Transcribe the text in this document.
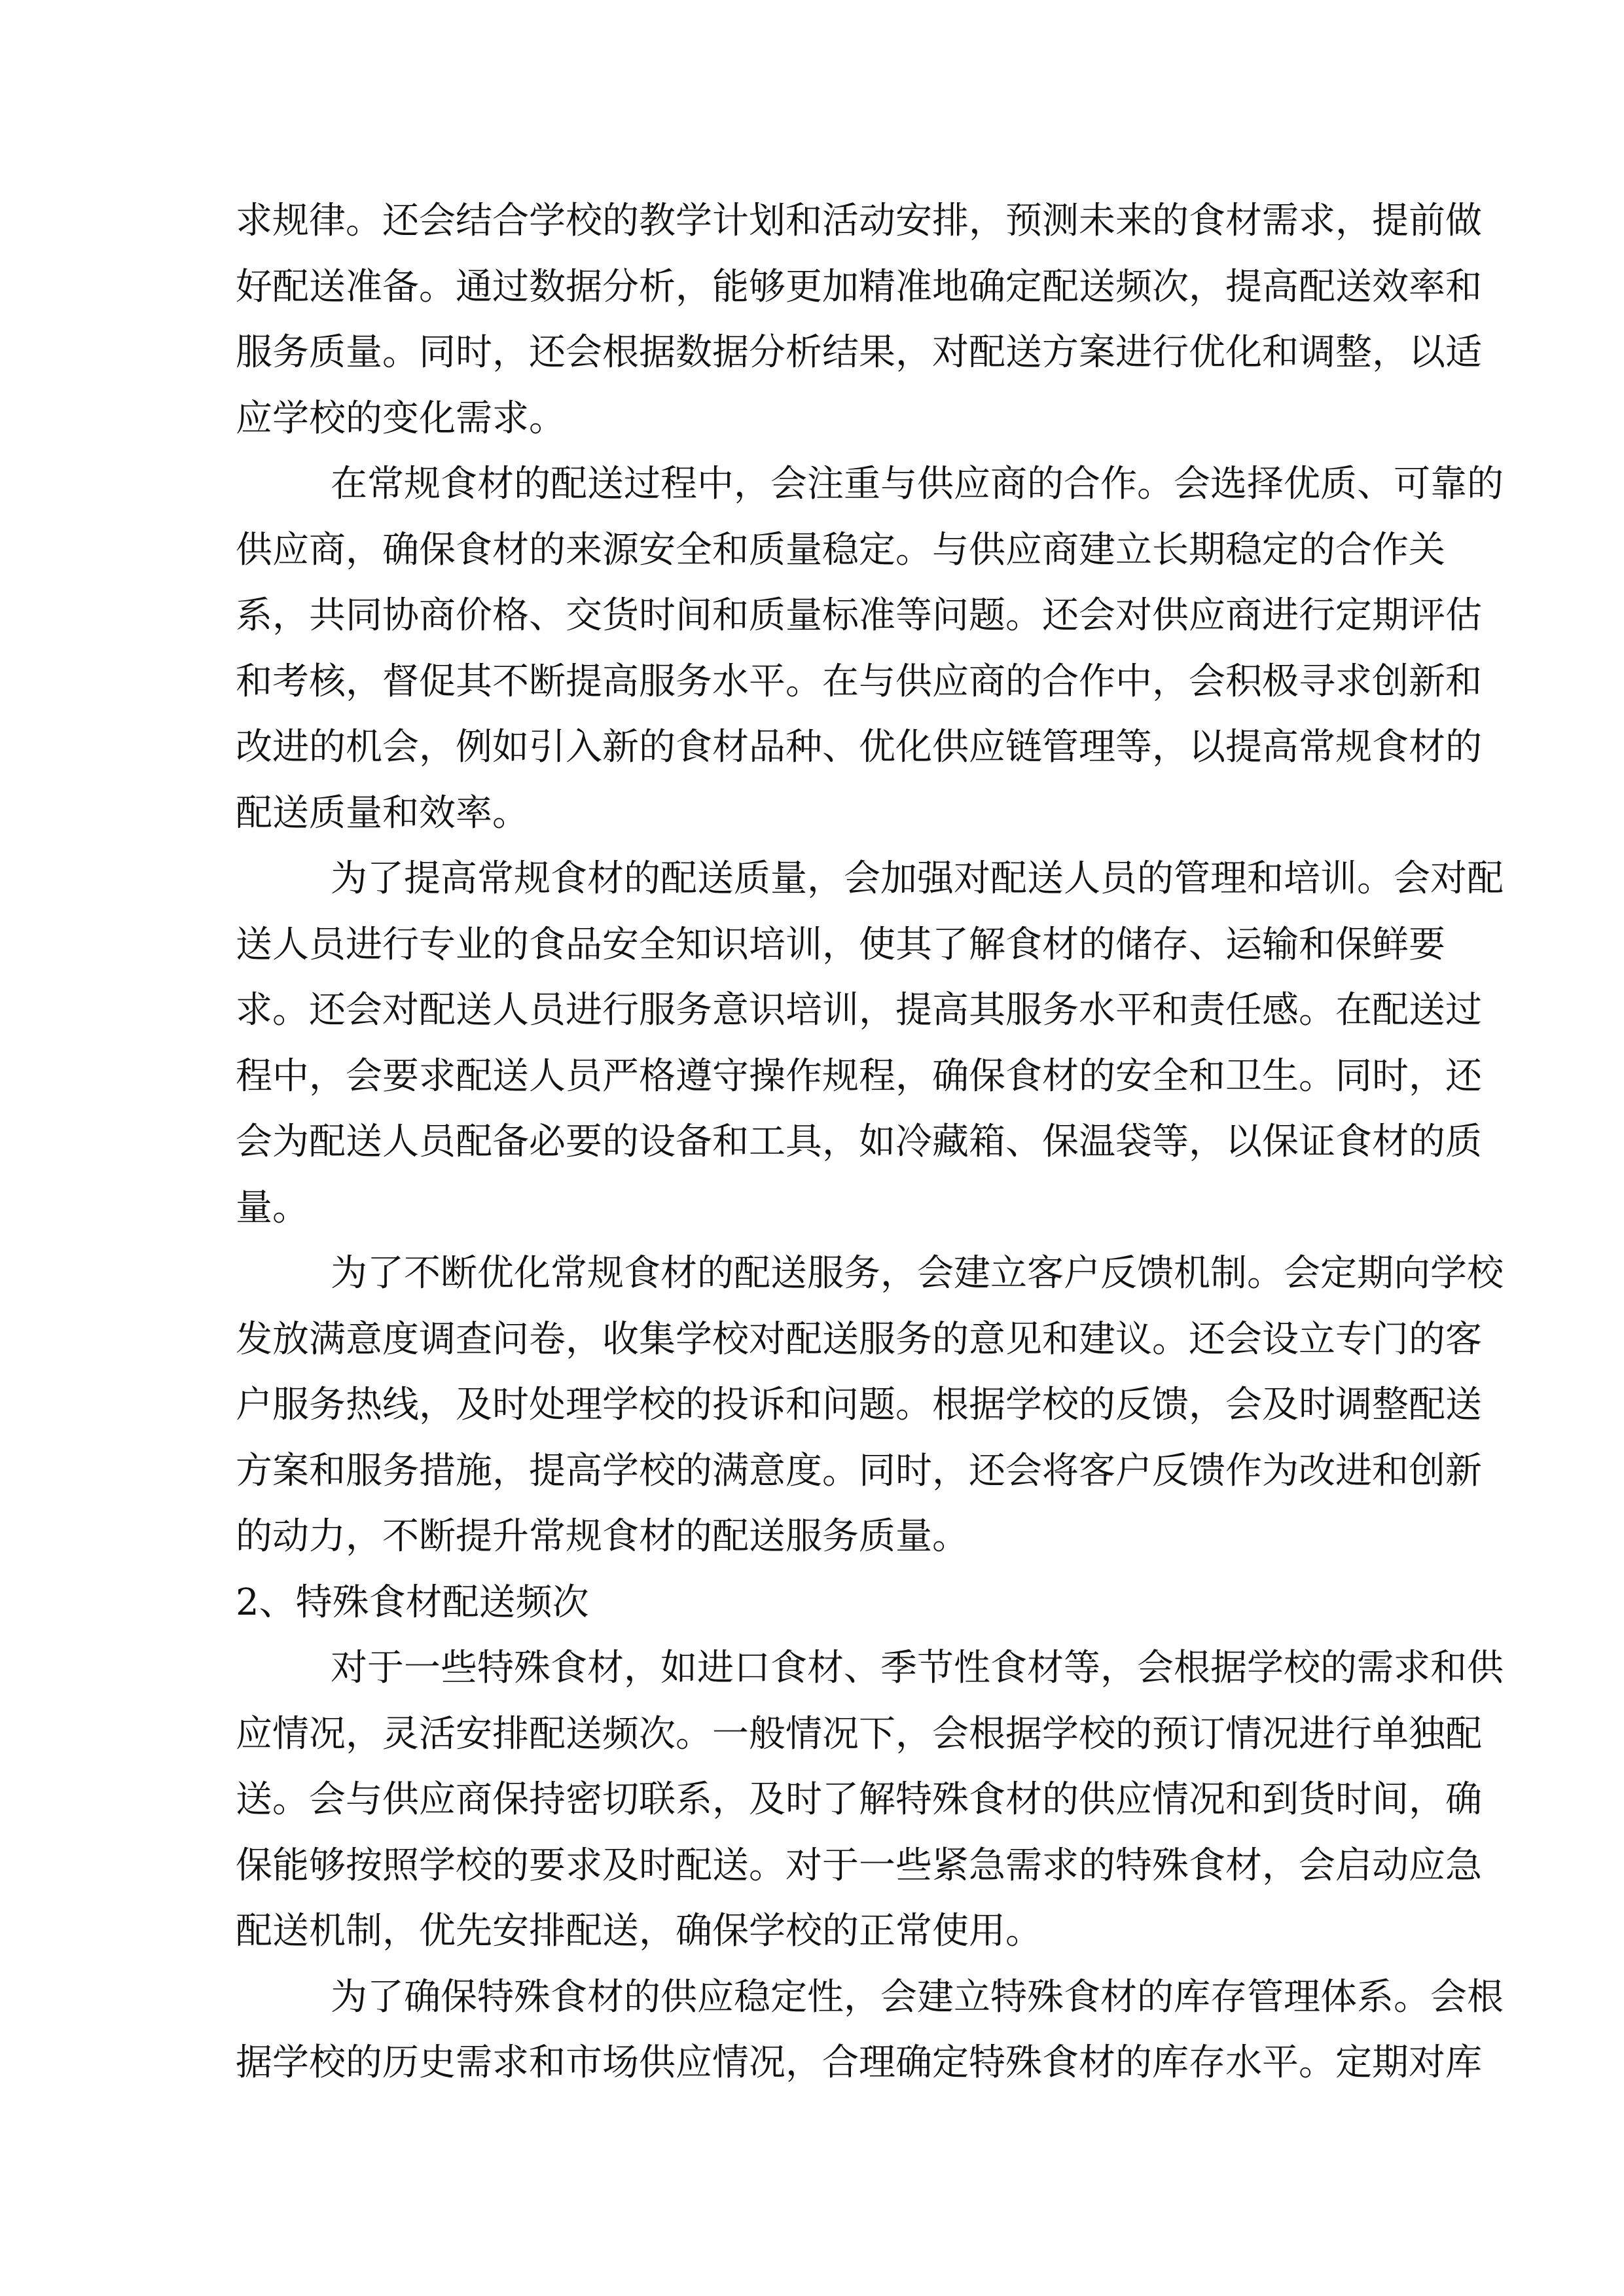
求规律。还会结合学校的教学计划和活动安排，预测未来的食材需求，提前做
好配送准备。通过数据分析，能够更加精准地确定配送频次，提高配送效率和
服务质量。同时，还会根据数据分析结果，对配送方案进行优化和调整，以适
应学校的变化需求。
在常规食材的配送过程中，会注重与供应商的合作。会选择优质、可靠的
供应商，确保食材的来源安全和质量稳定。与供应商建立长期稳定的合作关
系，共同协商价格、交货时间和质量标准等问题。还会对供应商进行定期评估
和考核，督促其不断提高服务水平。在与供应商的合作中，会积极寻求创新和
改进的机会，例如引入新的食材品种、优化供应链管理等，以提高常规食材的
配送质量和效率。
为了提高常规食材的配送质量，会加强对配送人员的管理和培训。会对配
送人员进行专业的食品安全知识培训，使其了解食材的储存、运输和保鲜要
求。还会对配送人员进行服务意识培训，提高其服务水平和责任感。在配送过
程中，会要求配送人员严格遵守操作规程，确保食材的安全和卫生。同时，还
会为配送人员配备必要的设备和工具，如冷藏箱、保温袋等，以保证食材的质
量。
为了不断优化常规食材的配送服务，会建立客户反馈机制。会定期向学校
发放满意度调查问卷，收集学校对配送服务的意见和建议。还会设立专门的客
户服务热线，及时处理学校的投诉和问题。根据学校的反馈，会及时调整配送
方案和服务措施，提高学校的满意度。同时，还会将客户反馈作为改进和创新
的动力，不断提升常规食材的配送服务质量。
2、特殊食材配送频次
对于一些特殊食材，如进口食材、季节性食材等，会根据学校的需求和供
应情况，灵活安排配送频次。一般情况下，会根据学校的预订情况进行单独配
送。会与供应商保持密切联系，及时了解特殊食材的供应情况和到货时间，确
保能够按照学校的要求及时配送。对于一些紧急需求的特殊食材，会启动应急
配送机制，优先安排配送，确保学校的正常使用。
为了确保特殊食材的供应稳定性，会建立特殊食材的库存管理体系。会根
据学校的历史需求和市场供应情况，合理确定特殊食材的库存水平。定期对库
